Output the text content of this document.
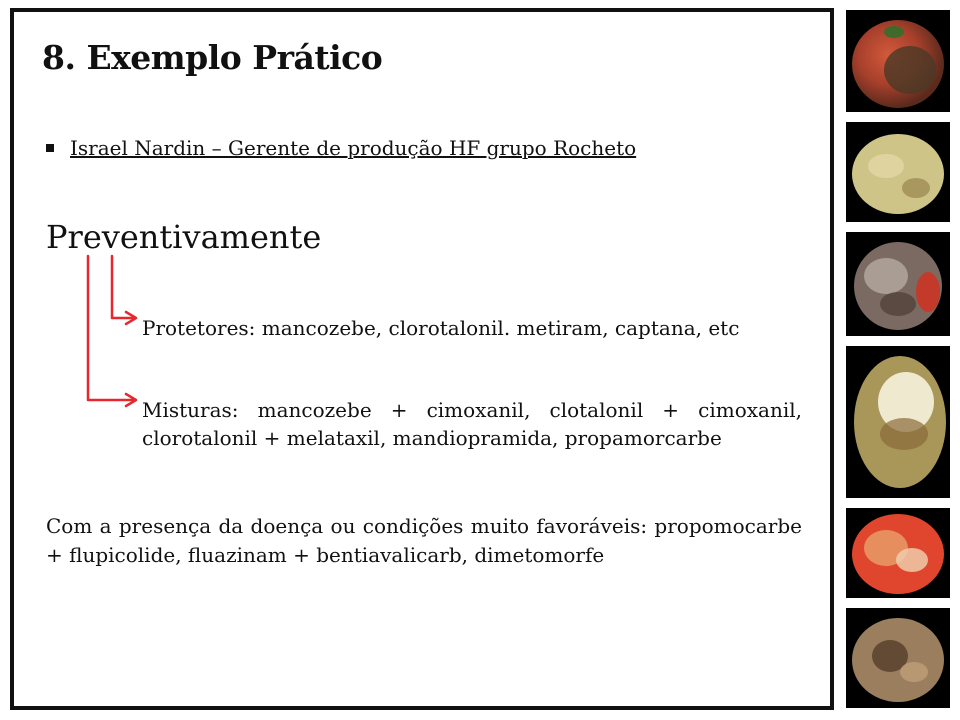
8. Exemplo Prático
Israel Nardin – Gerente de produção HF grupo Rocheto
Preventivamente
Protetores: mancozebe, clorotalonil. metiram, captana, etc
Misturas: mancozebe + cimoxanil, clotalonil + cimoxanil, clorotalonil + melataxil, mandiopramida, propamorcarbe
Com a presença da doença ou condições muito favoráveis: propomocarbe + flupicolide, fluazinam + bentiavalicarb, dimetomorfe
